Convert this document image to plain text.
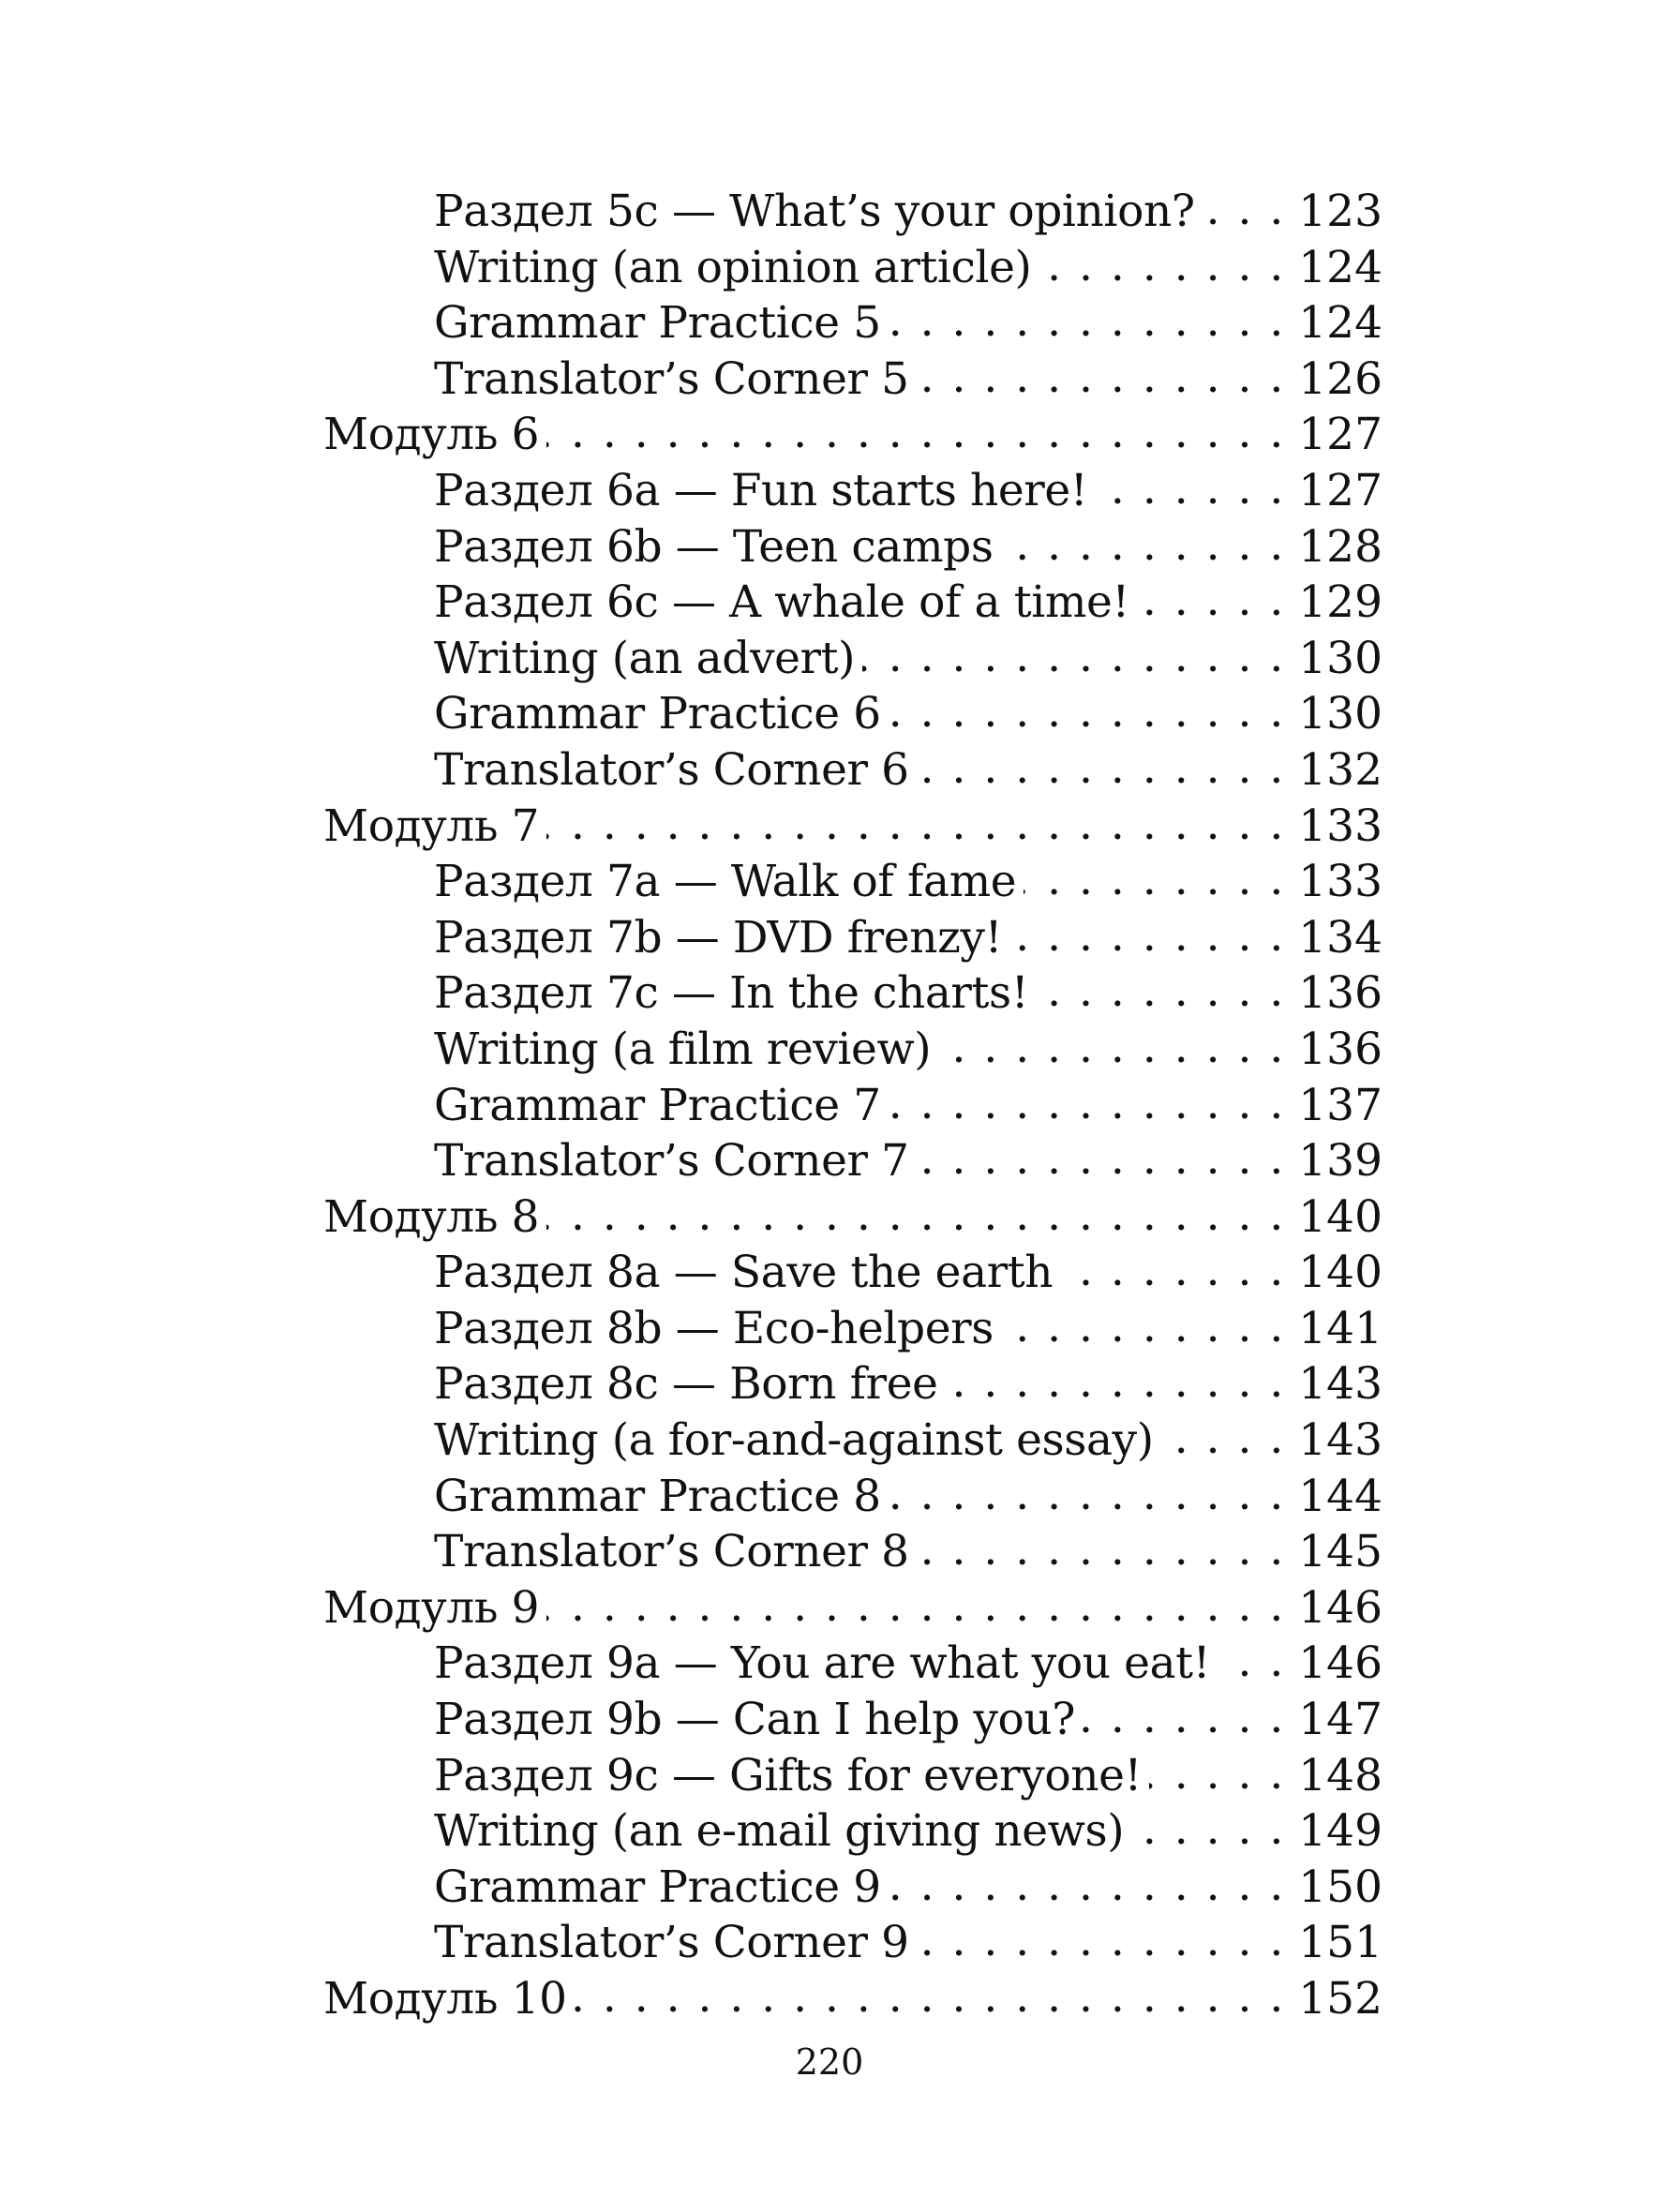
Раздел 5c — What’s your opinion? . . 123
Writing (an opinion article) . .	124
Grammar Practice 5 . .	124
Translator’s Corner 5 . .	126
Модуль 6 . .	127
Раздел 6a — Fun starts here! . .	127
Раздел 6b — Teen camps . .	128
Раздел 6c — A whale of a time! . .	129
Writing (an advert) . .	130
Grammar Practice 6 . .	130
Translator’s Corner 6 . .	132
Модуль 7 . .	133
Раздел 7a — Walk of fame . .	133
Раздел 7b — DVD frenzy! . .	134
Раздел 7c — In the charts! . .	136
Writing (a film review) . .	136
Grammar Practice 7 . .	137
Translator’s Corner 7 . .	139
Модуль 8 . .	140
Раздел 8a — Save the earth . .	140
Раздел 8b — Eco-helpers . .	141
Раздел 8c — Born free . .	143
Writing (a for-and-against essay) . .	143
Grammar Practice 8 . .	144
Translator’s Corner 8 . .	145
Модуль 9 . .	146
Раздел 9a — You are what you eat! . . 146
Раздел 9b — Can I help you? . .	147
Раздел 9c — Gifts for everyone! . .	148
Writing (an e-mail giving news) . .	149
Grammar Practice 9 . .	150
Translator’s Corner 9 . .	151
Модуль 10 . .	152
220
